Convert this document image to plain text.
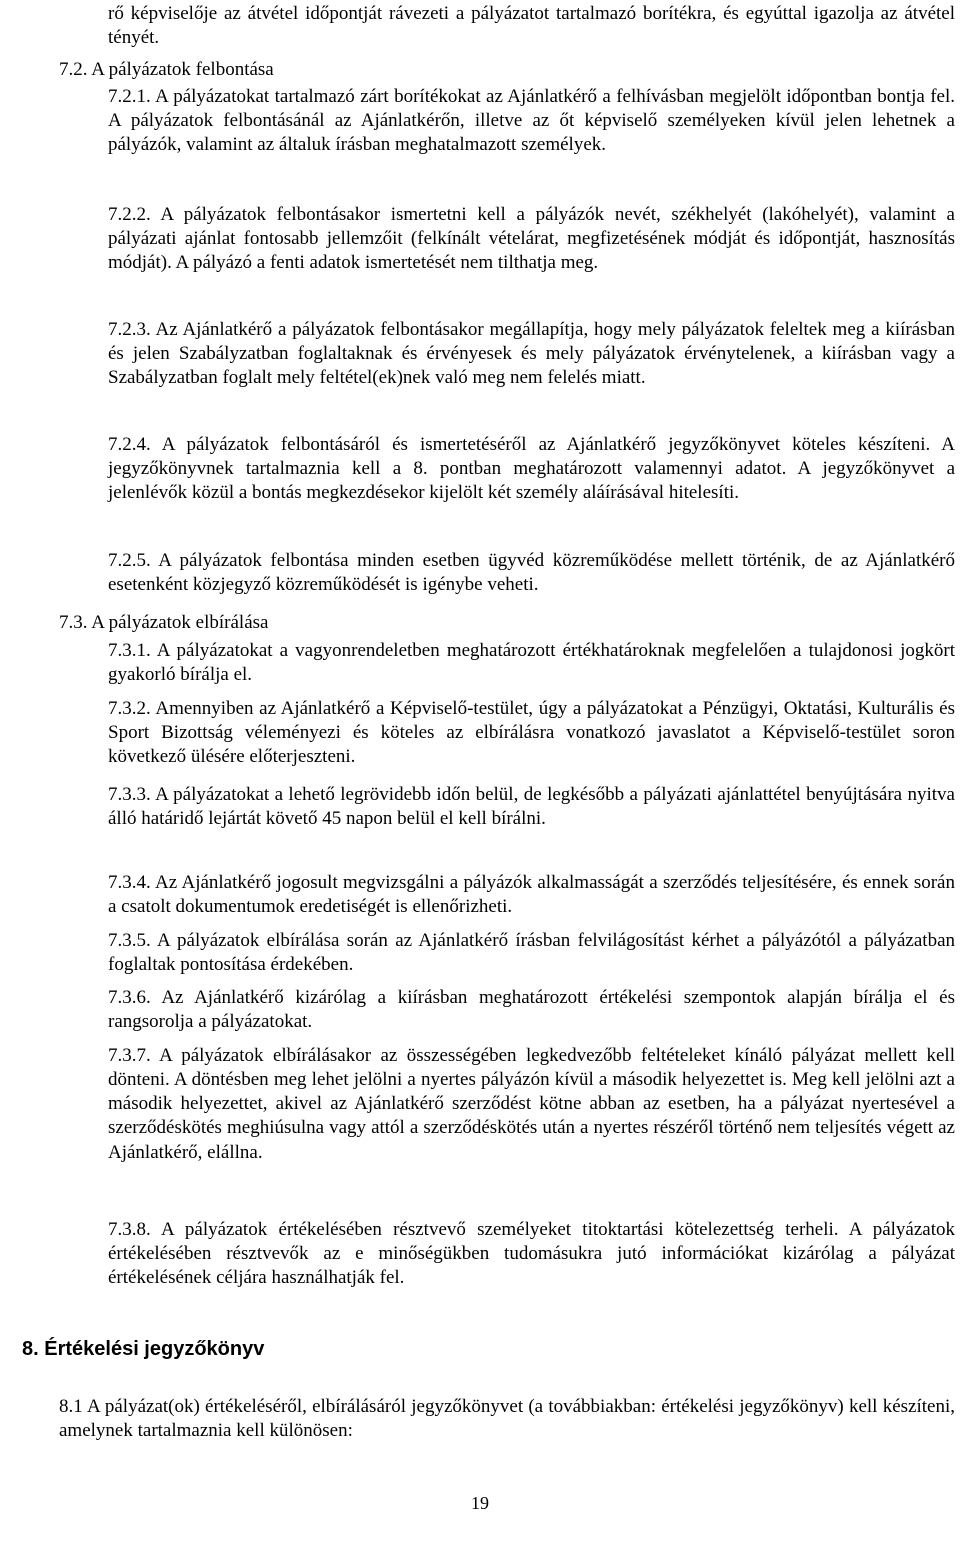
rő képviselője az átvétel időpontját rávezeti a pályázatot tartalmazó borítékra, és egyúttal igazolja az átvétel tényét.

7.2. A pályázatok felbontása

7.2.1. A pályázatokat tartalmazó zárt borítékokat az Ajánlatkérő a felhívásban megjelölt időpontban bontja fel. A pályázatok felbontásánál az Ajánlatkérőn, illetve az őt képviselő személyeken kívül jelen lehetnek a pályázók, valamint az általuk írásban meghatalmazott személyek.

7.2.2. A pályázatok felbontásakor ismertetni kell a pályázók nevét, székhelyét (lakóhelyét), valamint a pályázati ajánlat fontosabb jellemzőit (felkínált vételárat, megfizetésének módját és időpontját, hasznosítás módját). A pályázó a fenti adatok ismertetését nem tilthatja meg.

7.2.3. Az Ajánlatkérő a pályázatok felbontásakor megállapítja, hogy mely pályázatok feleltek meg a kiírásban és jelen Szabályzatban foglaltaknak és érvényesek és mely pályázatok érvénytelenek, a kiírásban vagy a Szabályzatban foglalt mely feltétel(ek)nek való meg nem felelés miatt.

7.2.4. A pályázatok felbontásáról és ismertetéséről az Ajánlatkérő jegyzőkönyvet köteles készíteni. A jegyzőkönyvnek tartalmaznia kell a 8. pontban meghatározott valamennyi adatot. A jegyzőkönyvet a jelenlévők közül a bontás megkezdésekor kijelölt két személy aláírásával hitelesíti.

7.2.5. A pályázatok felbontása minden esetben ügyvéd közreműködése mellett történik, de az Ajánlatkérő esetenként közjegyző közreműködését is igénybe veheti.

7.3. A pályázatok elbírálása

7.3.1. A pályázatokat a vagyonrendeletben meghatározott értékhatároknak megfelelően a tulajdonosi jogkört gyakorló bírálja el.

7.3.2. Amennyiben az Ajánlatkérő a Képviselő-testület, úgy a pályázatokat a Pénzügyi, Oktatási, Kulturális és Sport Bizottság véleményezi és köteles az elbírálásra vonatkozó javaslatot a Képviselő-testület soron következő ülésére előterjeszteni.

7.3.3. A pályázatokat a lehető legrövidebb időn belül, de legkésőbb a pályázati ajánlattétel benyújtására nyitva álló határidő lejártát követő 45 napon belül el kell bírálni.

7.3.4. Az Ajánlatkérő jogosult megvizsgálni a pályázók alkalmasságát a szerződés teljesítésére, és ennek során a csatolt dokumentumok eredetiségét is ellenőrizheti.

7.3.5. A pályázatok elbírálása során az Ajánlatkérő írásban felvilágosítást kérhet a pályázótól a pályázatban foglaltak pontosítása érdekében.

7.3.6. Az Ajánlatkérő kizárólag a kiírásban meghatározott értékelési szempontok alapján bírálja el és rangsorolja a pályázatokat.

7.3.7. A pályázatok elbírálásakor az összességében legkedvezőbb feltételeket kínáló pályázat mellett kell dönteni. A döntésben meg lehet jelölni a nyertes pályázón kívül a második helyezettet is. Meg kell jelölni azt a második helyezettet, akivel az Ajánlatkérő szerződést kötne abban az esetben, ha a pályázat nyertesével a szerződéskötés meghiúsulna vagy attól a szerződéskötés után a nyertes részéről történő nem teljesítés végett az Ajánlatkérő, elállna.

7.3.8. A pályázatok értékelésében résztvevő személyeket titoktartási kötelezettség terheli. A pályázatok értékelésében résztvevők az e minőségükben tudomásukra jutó információkat kizárólag a pályázat értékelésének céljára használhatják fel.

8. Értékelési jegyzőkönyv

8.1 A pályázat(ok) értékeléséről, elbírálásáról jegyzőkönyvet (a továbbiakban: értékelési jegyzőkönyv) kell készíteni, amelynek tartalmaznia kell különösen:

19
